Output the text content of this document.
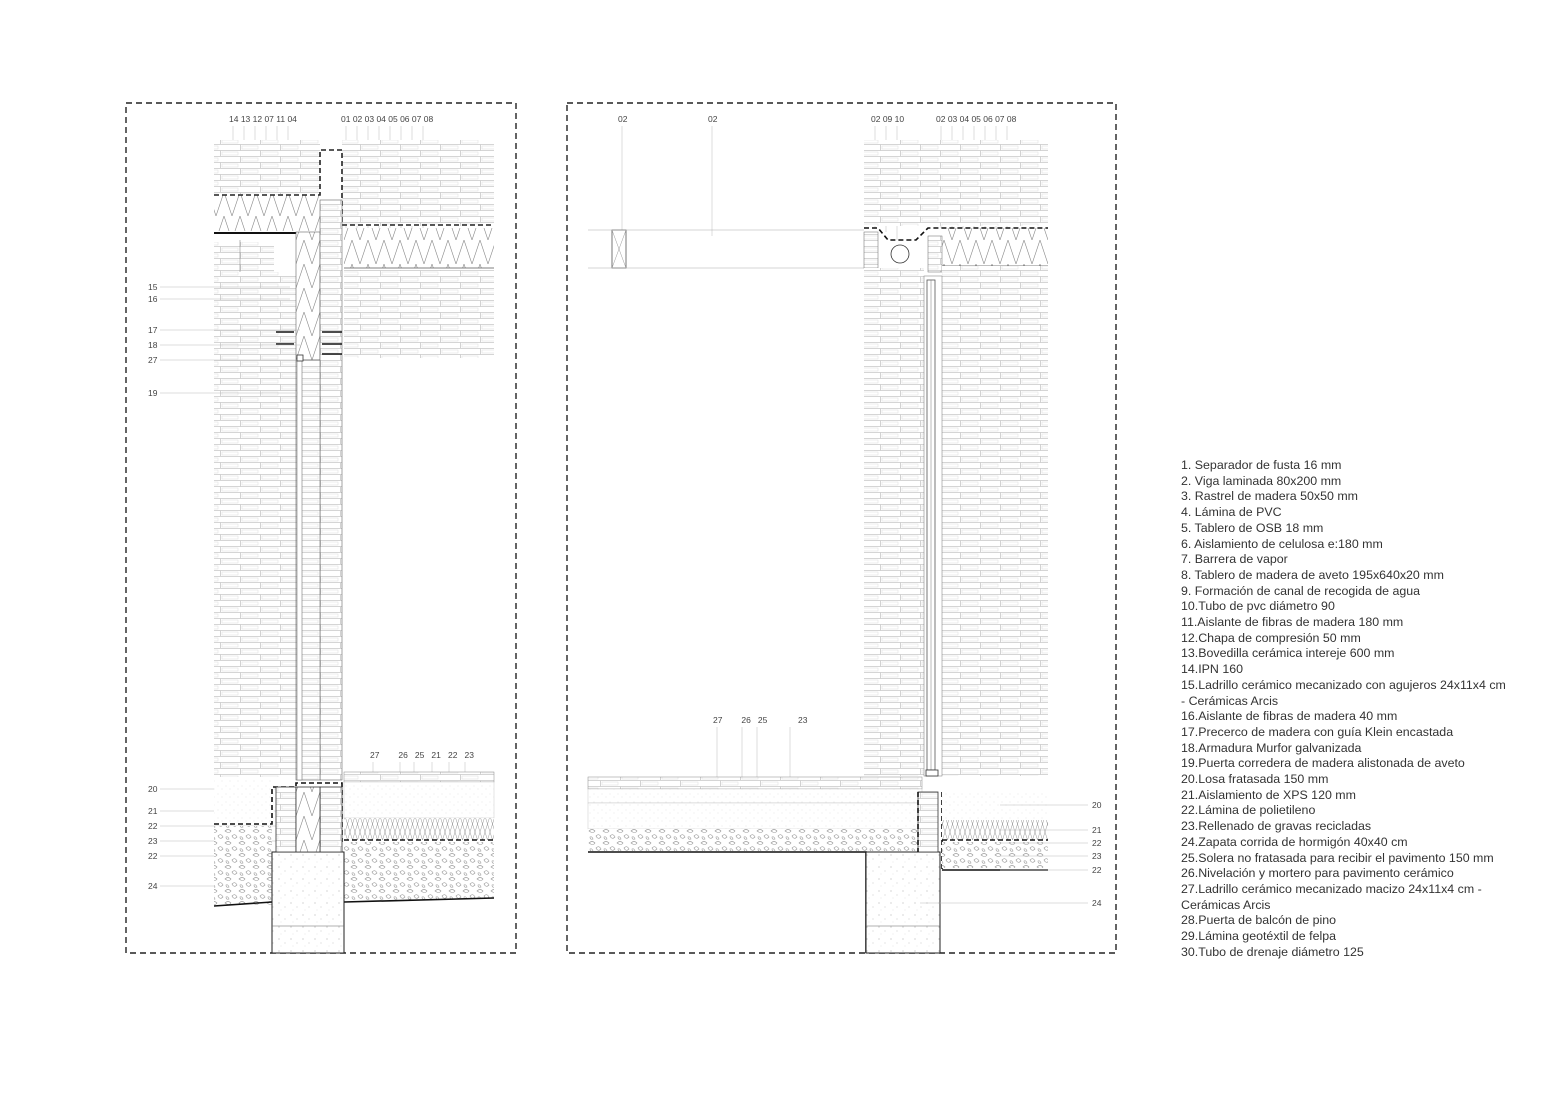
14 13 12 07 11 04	01 02 03 04 05 06 07 08
15
16
17
18
27
19
20
21
22
23
22
24
27        26   25   21   22   23
02	02	02 09 10	02 03 04 05 06 07 08
27        26   25             23
20
21
22
23
22
24
1. Separador de fusta 16 mm
2. Viga laminada 80x200 mm
3. Rastrel de madera 50x50 mm
4. Lámina de PVC
5. Tablero de OSB 18 mm
6. Aislamiento de celulosa e:180 mm
7. Barrera de vapor
8. Tablero de madera de aveto 195x640x20 mm
9. Formación de canal de recogida de agua
10.Tubo de pvc diámetro 90
11.Aislante de fibras de madera 180 mm
12.Chapa de compresión 50 mm
13.Bovedilla cerámica intereje 600 mm
14.IPN 160
15.Ladrillo cerámico mecanizado con agujeros 24x11x4 cm - Cerámicas Arcis
16.Aislante de fibras de madera 40 mm
17.Precerco de madera con guía Klein encastada
18.Armadura Murfor galvanizada
19.Puerta corredera de madera alistonada de aveto
20.Losa fratasada 150 mm
21.Aislamiento de XPS 120 mm
22.Lámina de polietileno
23.Rellenado de gravas recicladas
24.Zapata corrida de hormigón 40x40 cm
25.Solera no fratasada para recibir el pavimento 150 mm
26.Nivelación y mortero para pavimento cerámico
27.Ladrillo cerámico mecanizado macizo 24x11x4 cm - Cerámicas Arcis
28.Puerta de balcón de pino
29.Lámina geotéxtil de felpa
30.Tubo de drenaje diámetro 125
